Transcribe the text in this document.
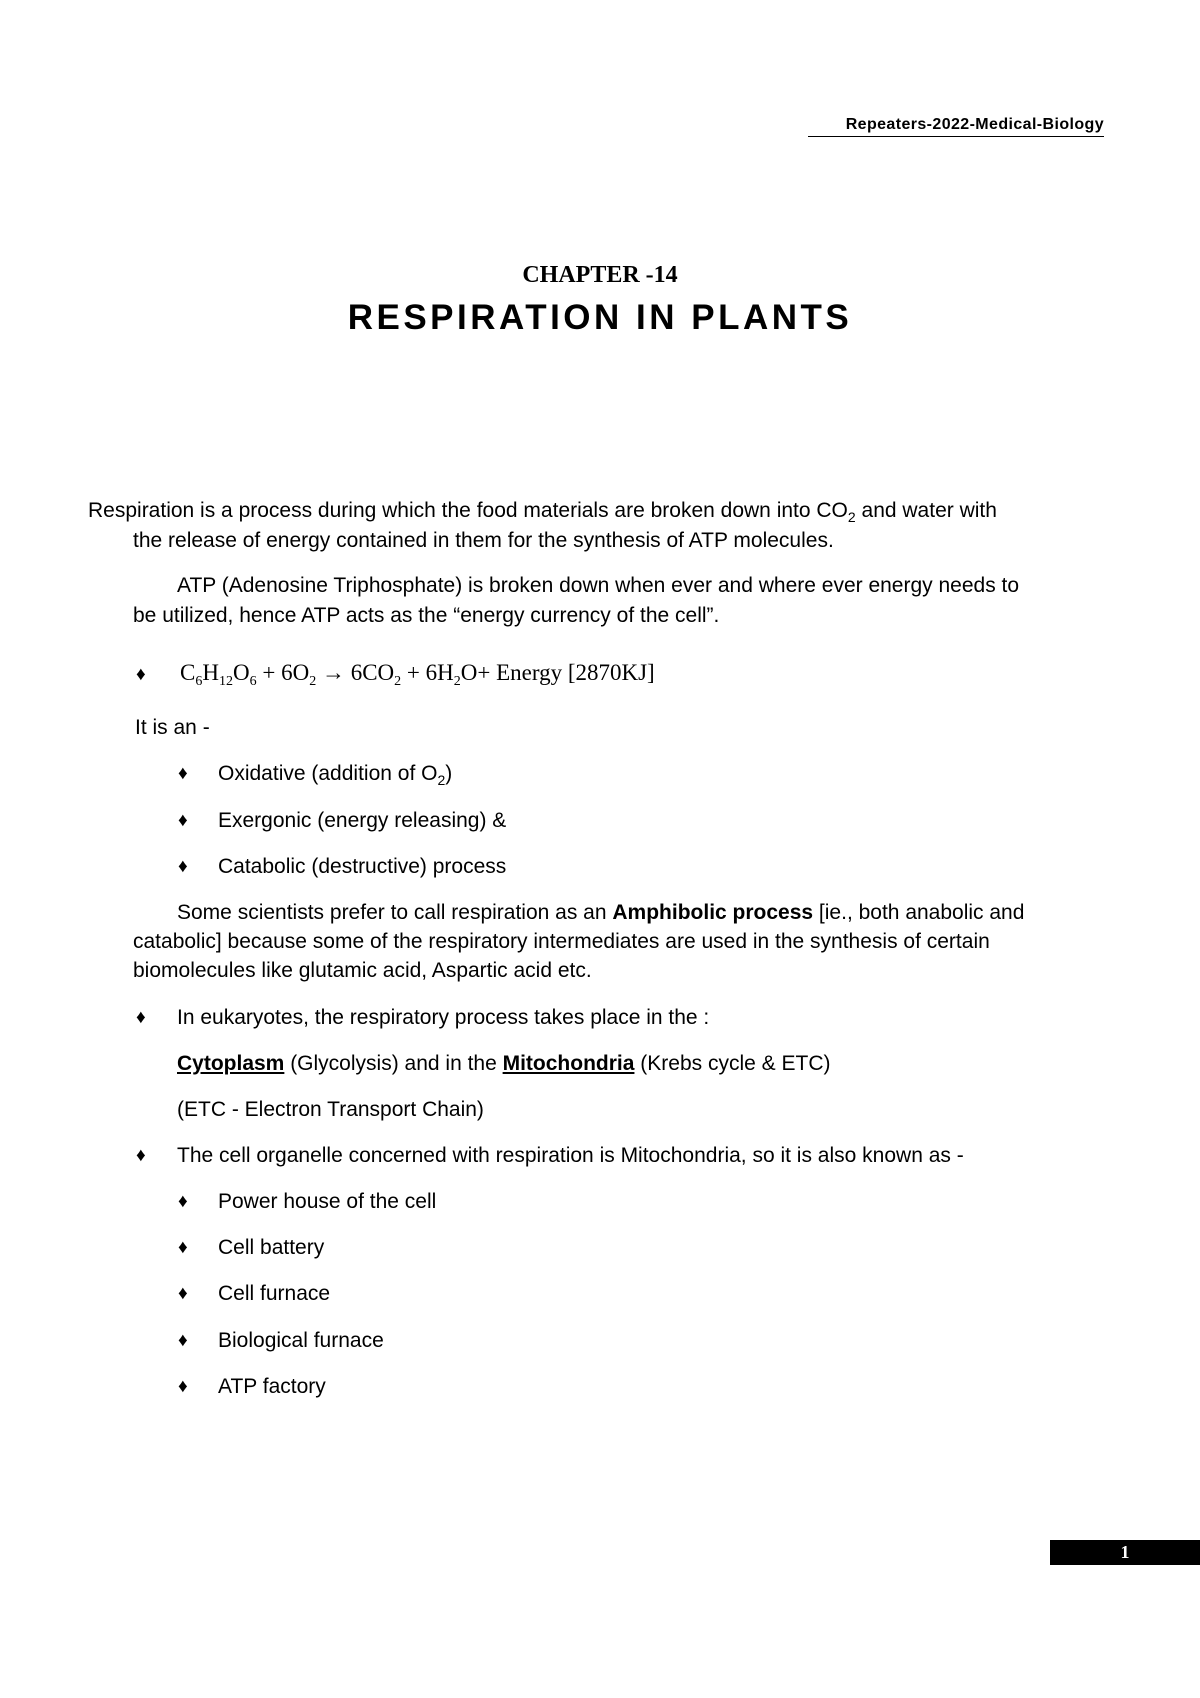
Repeaters-2022-Medical-Biology
CHAPTER -14
RESPIRATION IN PLANTS
Respiration is a process during which the food materials are broken down into $CO_2$ and water with
the release of energy contained in them for the synthesis of ATP molecules.
ATP (Adenosine Triphosphate) is broken down when ever and where ever energy needs to
be utilized, hence ATP acts as the “energy currency of the cell”.
♦ $C_6H_{12}O_6 + 6O_2 \to 6CO_2 + 6H_2O+$ Energy [2870KJ]
It is an -
♦ Oxidative (addition of $O_2$)
♦ Exergonic (energy releasing) &
♦ Catabolic (destructive) process
Some scientists prefer to call respiration as an Amphibolic process [ie., both anabolic and
catabolic] because some of the respiratory intermediates are used in the synthesis of certain
biomolecules like glutamic acid, Aspartic acid etc.
♦ In eukaryotes, the respiratory process takes place in the :
Cytoplasm (Glycolysis) and in the Mitochondria (Krebs cycle & ETC)
(ETC - Electron Transport Chain)
♦ The cell organelle concerned with respiration is Mitochondria, so it is also known as -
♦ Power house of the cell
♦ Cell battery
♦ Cell furnace
♦ Biological furnace
♦ ATP factory
1
